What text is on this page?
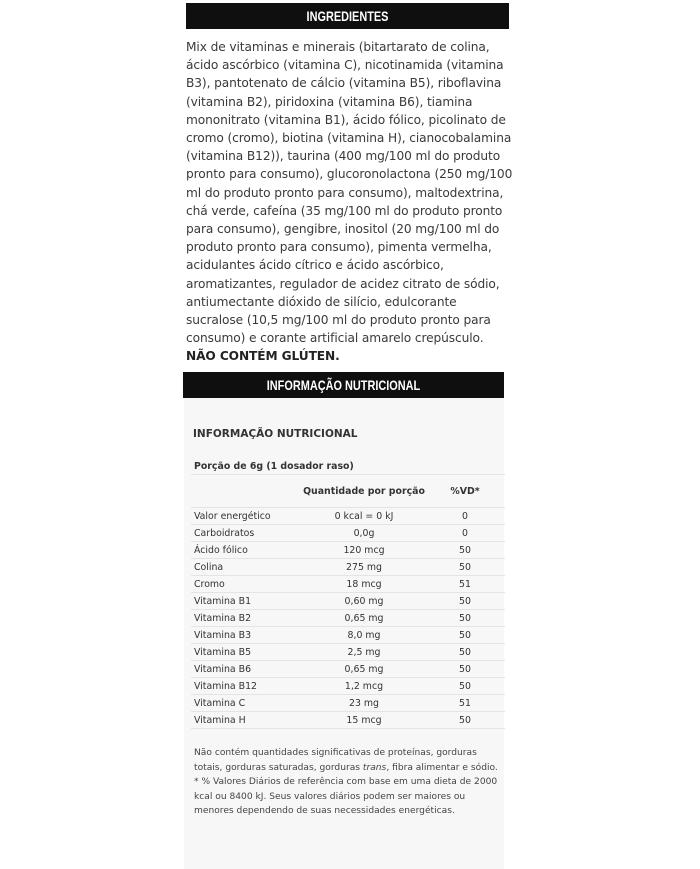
INGREDIENTES

Mix de vitaminas e minerais (bitartarato de colina, ácido ascórbico (vitamina C), nicotinamida (vitamina B3), pantotenato de cálcio (vitamina B5), riboflavina (vitamina B2), piridoxina (vitamina B6), tiamina mononitrato (vitamina B1), ácido fólico, picolinato de cromo (cromo), biotina (vitamina H), cianocobalamina (vitamina B12)), taurina (400 mg/100 ml do produto pronto para consumo), glucoronolactona (250 mg/100 ml do produto pronto para consumo), maltodextrina, chá verde, cafeína (35 mg/100 ml do produto pronto para consumo), gengibre, inositol (20 mg/100 ml do produto pronto para consumo), pimenta vermelha, acidulantes ácido cítrico e ácido ascórbico, aromatizantes, regulador de acidez citrato de sódio, antiumectante dióxido de silício, edulcorante sucralose (10,5 mg/100 ml do produto pronto para consumo) e corante artificial amarelo crepúsculo. NÃO CONTÉM GLÚTEN.

INFORMAÇÃO NUTRICIONAL
INFORMAÇÃO NUTRICIONAL
Porção de 6g (1 dosador raso)		
	Quantidade por porção	%VD*
Valor energético	0 kcal = 0 kJ	0
Carboidratos	0,0g	0
Ácido fólico	120 mcg	50
Colina	275 mg	50
Cromo	18 mcg	51
Vitamina B1	0,60 mg	50
Vitamina B2	0,65 mg	50
Vitamina B3	8,0 mg	50
Vitamina B5	2,5 mg	50
Vitamina B6	0,65 mg	50
Vitamina B12	1,2 mcg	50
Vitamina C	23 mg	51
Vitamina H	15 mcg	50

Não contém quantidades significativas de proteínas, gorduras totais, gorduras saturadas, gorduras trans, fibra alimentar e sódio.
* % Valores Diários de referência com base em uma dieta de 2000 kcal ou 8400 kJ. Seus valores diários podem ser maiores ou menores dependendo de suas necessidades energéticas.
